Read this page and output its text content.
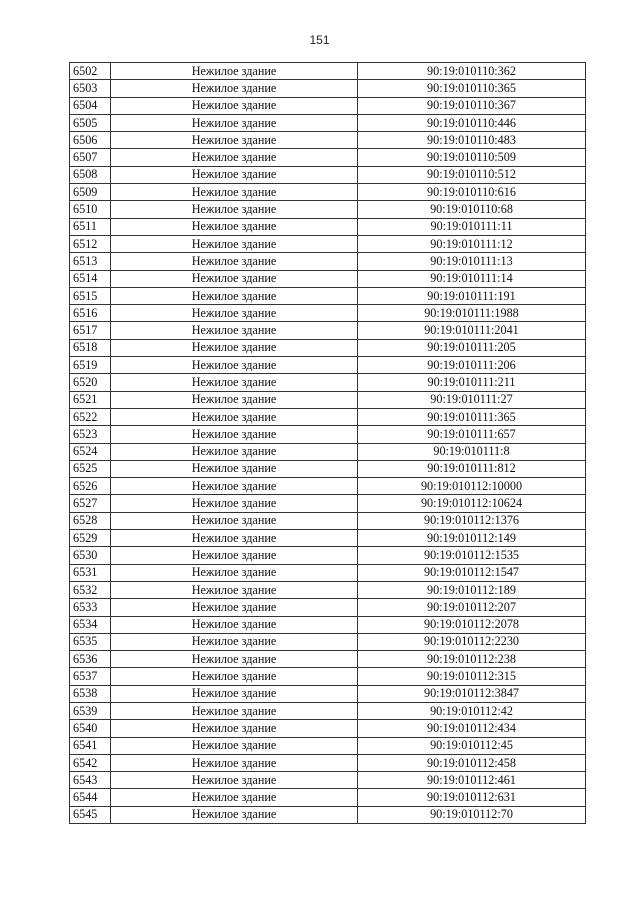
151
6502	Нежилое здание	90:19:010110:362
6503	Нежилое здание	90:19:010110:365
6504	Нежилое здание	90:19:010110:367
6505	Нежилое здание	90:19:010110:446
6506	Нежилое здание	90:19:010110:483
6507	Нежилое здание	90:19:010110:509
6508	Нежилое здание	90:19:010110:512
6509	Нежилое здание	90:19:010110:616
6510	Нежилое здание	90:19:010110:68
6511	Нежилое здание	90:19:010111:11
6512	Нежилое здание	90:19:010111:12
6513	Нежилое здание	90:19:010111:13
6514	Нежилое здание	90:19:010111:14
6515	Нежилое здание	90:19:010111:191
6516	Нежилое здание	90:19:010111:1988
6517	Нежилое здание	90:19:010111:2041
6518	Нежилое здание	90:19:010111:205
6519	Нежилое здание	90:19:010111:206
6520	Нежилое здание	90:19:010111:211
6521	Нежилое здание	90:19:010111:27
6522	Нежилое здание	90:19:010111:365
6523	Нежилое здание	90:19:010111:657
6524	Нежилое здание	90:19:010111:8
6525	Нежилое здание	90:19:010111:812
6526	Нежилое здание	90:19:010112:10000
6527	Нежилое здание	90:19:010112:10624
6528	Нежилое здание	90:19:010112:1376
6529	Нежилое здание	90:19:010112:149
6530	Нежилое здание	90:19:010112:1535
6531	Нежилое здание	90:19:010112:1547
6532	Нежилое здание	90:19:010112:189
6533	Нежилое здание	90:19:010112:207
6534	Нежилое здание	90:19:010112:2078
6535	Нежилое здание	90:19:010112:2230
6536	Нежилое здание	90:19:010112:238
6537	Нежилое здание	90:19:010112:315
6538	Нежилое здание	90:19:010112:3847
6539	Нежилое здание	90:19:010112:42
6540	Нежилое здание	90:19:010112:434
6541	Нежилое здание	90:19:010112:45
6542	Нежилое здание	90:19:010112:458
6543	Нежилое здание	90:19:010112:461
6544	Нежилое здание	90:19:010112:631
6545	Нежилое здание	90:19:010112:70
